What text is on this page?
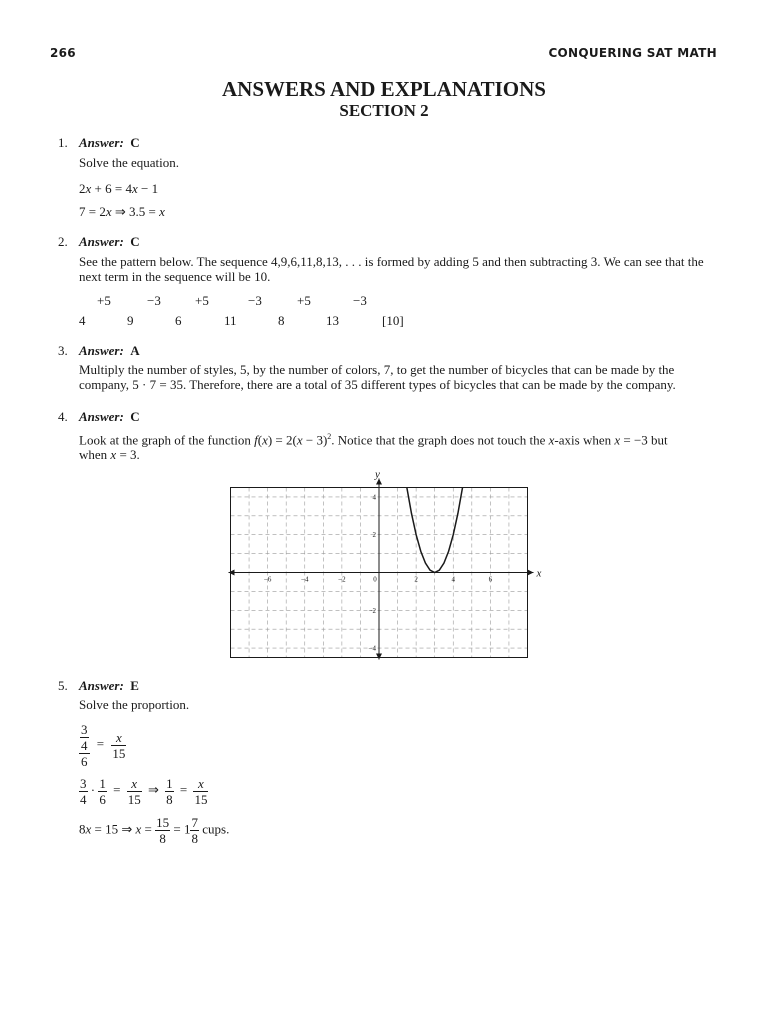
266	CONQUERING SAT MATH
ANSWERS AND EXPLANATIONS
SECTION 2
1. Answer: C
Solve the equation.
2x + 6 = 4x − 1
7 = 2x ⇒ 3.5 = x
2. Answer: C
See the pattern below. The sequence 4,9,6,11,8,13, . . . is formed by adding 5 and then subtracting 3. We can see that the next term in the sequence will be 10.
+5	−3	+5	−3	+5	−3
4	9	6	11	8	13	[10]
3. Answer: A
Multiply the number of styles, 5, by the number of colors, 7, to get the number of bicycles that can be made by the company, 5 · 7 = 35. Therefore, there are a total of 35 different types of bicycles that can be made by the company.
4. Answer: C
Look at the graph of the function $f(x) = 2(x - 3)^2$. Notice that the graph does not touch the x-axis when x = −3 but
when x = 3.
−6	−4	−2	0	2	4	6
4
2
−2
−4
x
y
5. Answer: E
Solve the proportion.
$\frac{\frac{3}{4}}{6} = \frac{x}{15}$
$\frac{3}{4} \cdot \frac{1}{6} = \frac{x}{15}$ ⇒ $\frac{1}{8} = \frac{x}{15}$
8x = 15 ⇒ $x = \frac{15}{8} = 1 \frac{7}{8}$ cups.
